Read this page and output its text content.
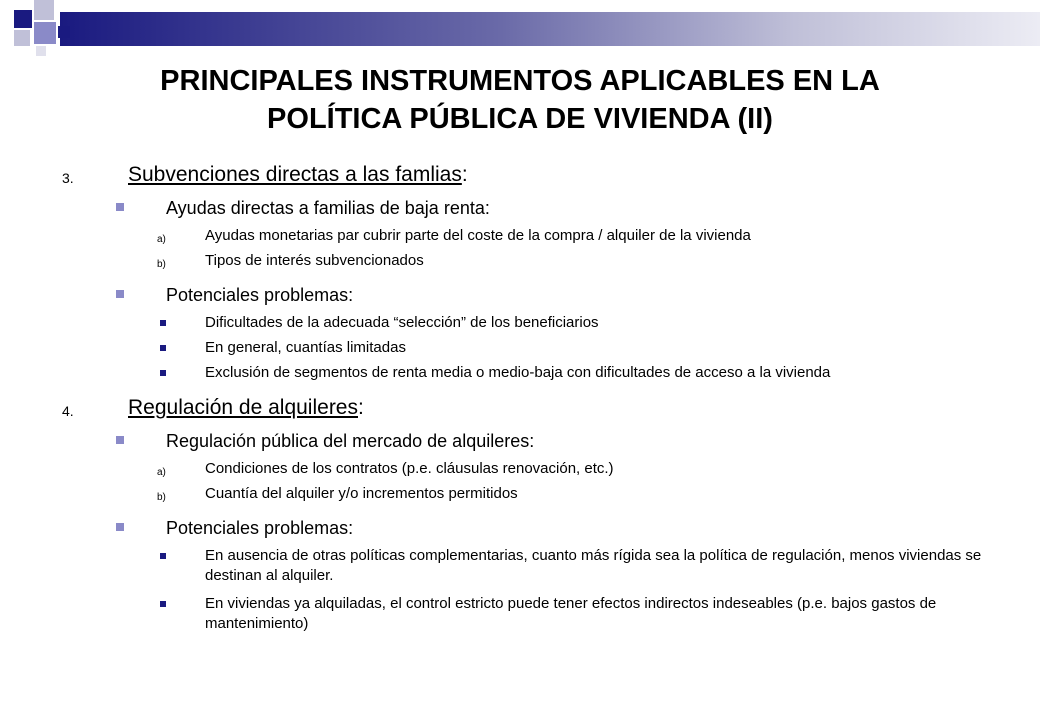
PRINCIPALES INSTRUMENTOS APLICABLES EN LA
POLÍTICA PÚBLICA DE VIVIENDA (II)
3.	Subvenciones directas a las famlias:
Ayudas directas a familias de baja renta:
a)	Ayudas monetarias par cubrir parte del coste de la compra / alquiler de la vivienda
b)	Tipos de interés subvencionados
Potenciales problemas:
Dificultades de la adecuada “selección” de los beneficiarios
En general, cuantías limitadas
Exclusión de segmentos de renta media o medio-baja con dificultades de acceso a la vivienda
4.	Regulación de alquileres:
Regulación pública del mercado de alquileres:
a)	Condiciones de los contratos (p.e. cláusulas renovación, etc.)
b)	Cuantía del alquiler y/o incrementos permitidos
Potenciales problemas:
En ausencia de otras políticas complementarias, cuanto más rígida sea la política de regulación, menos viviendas se destinan al alquiler.
En viviendas ya alquiladas, el control estricto puede tener efectos indirectos indeseables (p.e. bajos gastos de mantenimiento)
